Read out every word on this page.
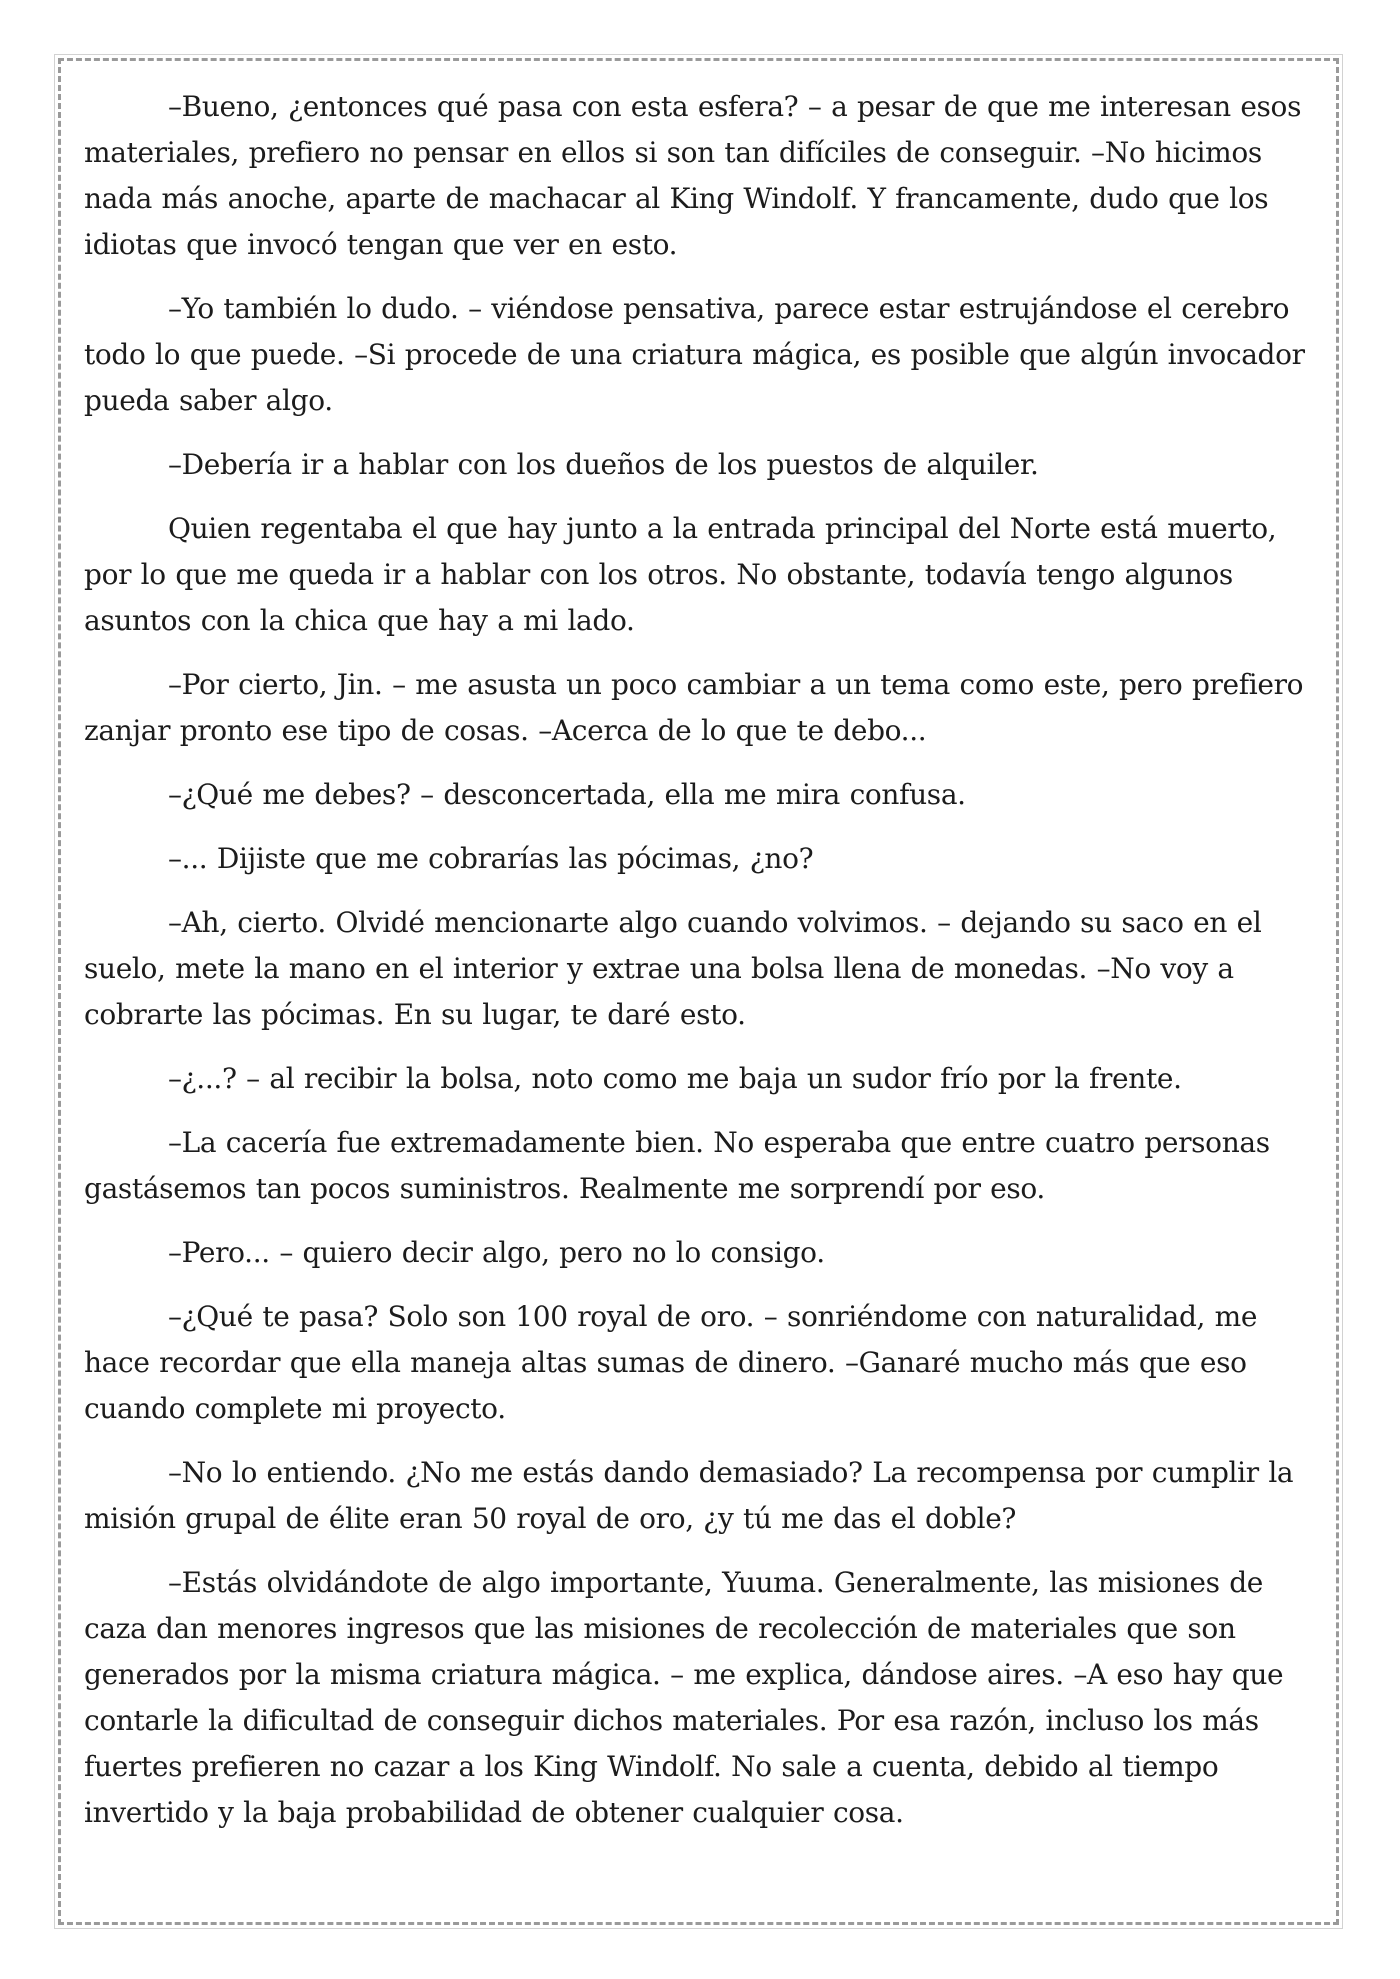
–Bueno, ¿entonces qué pasa con esta esfera? – a pesar de que me interesan esos materiales, prefiero no pensar en ellos si son tan difíciles de conseguir. –No hicimos nada más anoche, aparte de machacar al King Windolf. Y francamente, dudo que los idiotas que invocó tengan que ver en esto.

–Yo también lo dudo. – viéndose pensativa, parece estar estrujándose el cerebro todo lo que puede. –Si procede de una criatura mágica, es posible que algún invocador pueda saber algo.

–Debería ir a hablar con los dueños de los puestos de alquiler.

Quien regentaba el que hay junto a la entrada principal del Norte está muerto, por lo que me queda ir a hablar con los otros. No obstante, todavía tengo algunos asuntos con la chica que hay a mi lado.

–Por cierto, Jin. – me asusta un poco cambiar a un tema como este, pero prefiero zanjar pronto ese tipo de cosas. –Acerca de lo que te debo...

–¿Qué me debes? – desconcertada, ella me mira confusa.

–... Dijiste que me cobrarías las pócimas, ¿no?

–Ah, cierto. Olvidé mencionarte algo cuando volvimos. – dejando su saco en el suelo, mete la mano en el interior y extrae una bolsa llena de monedas. –No voy a cobrarte las pócimas. En su lugar, te daré esto.

–¿...? – al recibir la bolsa, noto como me baja un sudor frío por la frente.

–La cacería fue extremadamente bien. No esperaba que entre cuatro personas gastásemos tan pocos suministros. Realmente me sorprendí por eso.

–Pero... – quiero decir algo, pero no lo consigo.

–¿Qué te pasa? Solo son 100 royal de oro. – sonriéndome con naturalidad, me hace recordar que ella maneja altas sumas de dinero. –Ganaré mucho más que eso cuando complete mi proyecto.

–No lo entiendo. ¿No me estás dando demasiado? La recompensa por cumplir la misión grupal de élite eran 50 royal de oro, ¿y tú me das el doble?

–Estás olvidándote de algo importante, Yuuma. Generalmente, las misiones de caza dan menores ingresos que las misiones de recolección de materiales que son generados por la misma criatura mágica. – me explica, dándose aires. –A eso hay que contarle la dificultad de conseguir dichos materiales. Por esa razón, incluso los más fuertes prefieren no cazar a los King Windolf. No sale a cuenta, debido al tiempo invertido y la baja probabilidad de obtener cualquier cosa.
